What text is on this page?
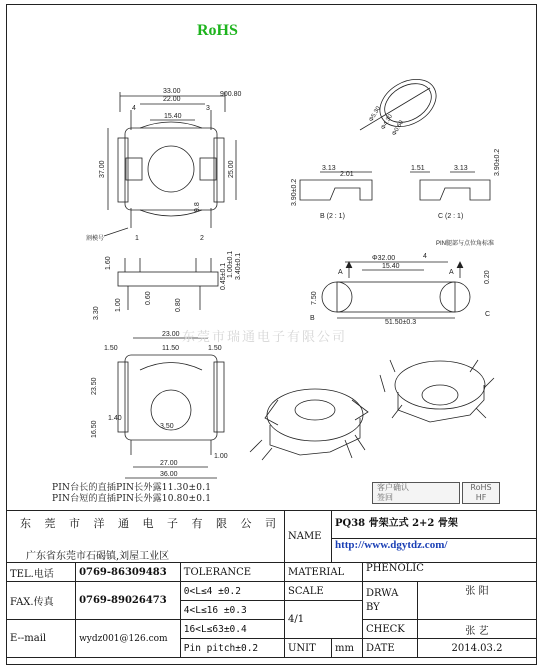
RoHS
33.00
22.00
15.40
900.80
37.00	25.00
9.8
4	3
1	2
割模号
Φ5.30
Φ4.30
Φ0.60
3.13
2.01
3.90±0.2
B (2 : 1)
1.51	3.13	3.90±0.2
C (2 : 1)
1.60	0.45±0.1
0.60
3.30
1.00	0.80
3.40±0.1
1.00±0.1	Φ32.00
15.40
7.50
51.50±0.3
0.20
4
PIN腿部与点位角标准
A	A
B
C
23.00
1.50	11.50	1.50
23.50
16.50	3.50
1.40
27.00
36.00
1.00
东莞市瑞通电子有限公司
PIN台长的直插PIN长外露11.30±0.1
PIN台短的直插PIN长外露10.80±0.1
客户确认
签回
RoHS
HF
东 莞 市 洋 通 电 子 有 限 公 司
广东省东莞市石碣镇,刘屋工业区			NAME	PQ38 骨架立式 2+2 骨架		
				http://www.dgytdz.com/		
TEL.电话	0769-86309483	TOLERANCE	MATERIAL		PHENOLIC	
FAX.传真	0769-89026473	0<L≤4 ±0.2	SCALE		DRWA BY	张 阳
		4<L≤16 ±0.3	4/1			
E--mail	wydz001@126.com	16<L≤63±0.4			CHECK	张 艺
		Pin pitch±0.2	UNIT	mm	DATE	2014.03.2
